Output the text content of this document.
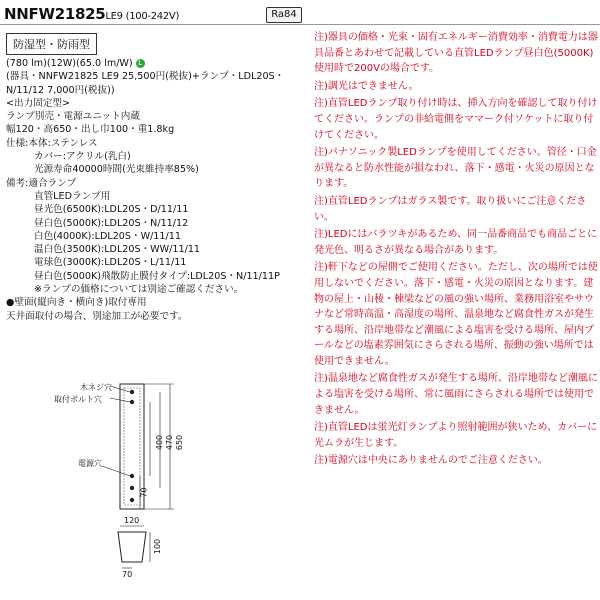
NNFW21825LE9 (100-242V)	Ra84
防湿型・防雨型
(780 lm)(12W)(65.0 lm/W) L
(器具・NNFW21825 LE9 25,500円(税抜)+ランプ・LDL20S・
N/11/12 7,000円(税抜))
<出力固定型>
ランプ別売・電源ユニット内蔵
幅120・高650・出し巾100・重1.8kg
仕様:本体:ステンレス
カバー:アクリル(乳白)
光源寿命40000時間(光束維持率85%)
備考:適合ランプ
直管LEDランプ用
昼光色(6500K):LDL20S・D/11/11
昼白色(5000K):LDL20S・N/11/12
白色(4000K):LDL20S・W/11/11
温白色(3500K):LDL20S・WW/11/11
電球色(3000K):LDL20S・L/11/11
昼白色(5000K)飛散防止膜付タイプ:LDL20S・N/11/11P
※ランプの価格については別途ご確認ください。
●壁面(縦向き・横向き)取付専用
天井面取付の場合、別途加工が必要です。

注)器具の価格・光束・固有エネルギー消費効率・消費電力は器具品番とあわせて記載している直管LEDランプ昼白色(5000K)使用時で200Vの場合です。

注)調光はできません。

注)直管LEDランプ取り付け時は、挿入方向を確認して取り付けてください。ランプの非給電側をママーク付ソケットに取り付けてください。

注)パナソニック製LEDランプを使用してください。管径・口金が異なると防水性能が損なわれ、落下・感電・火災の原因となります。

注)直管LEDランプはガラス製です。取り扱いにご注意ください。

注)LEDにはバラツキがあるため、同一品番商品でも商品ごとに発光色、明るさが異なる場合があります。

注)軒下などの屋側でご使用ください。ただし、次の場所では使用しないでください。落下・感電・火災の原因となります。建物の屋上・山稜・棟梁などの風の強い場所、業務用浴室やサウナなど常時高温・高湿度の場所、温泉地など腐食性ガスが発生する場所、沿岸地帯など潮風による塩害を受ける場所、屋内プールなどの塩素雰囲気にさらされる場所、振動の強い場所では使用できません。

注)温泉地など腐食性ガスが発生する場所、沿岸地帯など潮風による塩害を受ける場所、常に風雨にさらされる場所では使用できません。

注)直管LEDは蛍光灯ランプより照射範囲が狭いため、カバーに光ムラが生じます。

注)電源穴は中央にありませんのでご注意ください。

木ネジ穴
取付ボルト穴
電源穴
400 470 650
70
120
100
70
